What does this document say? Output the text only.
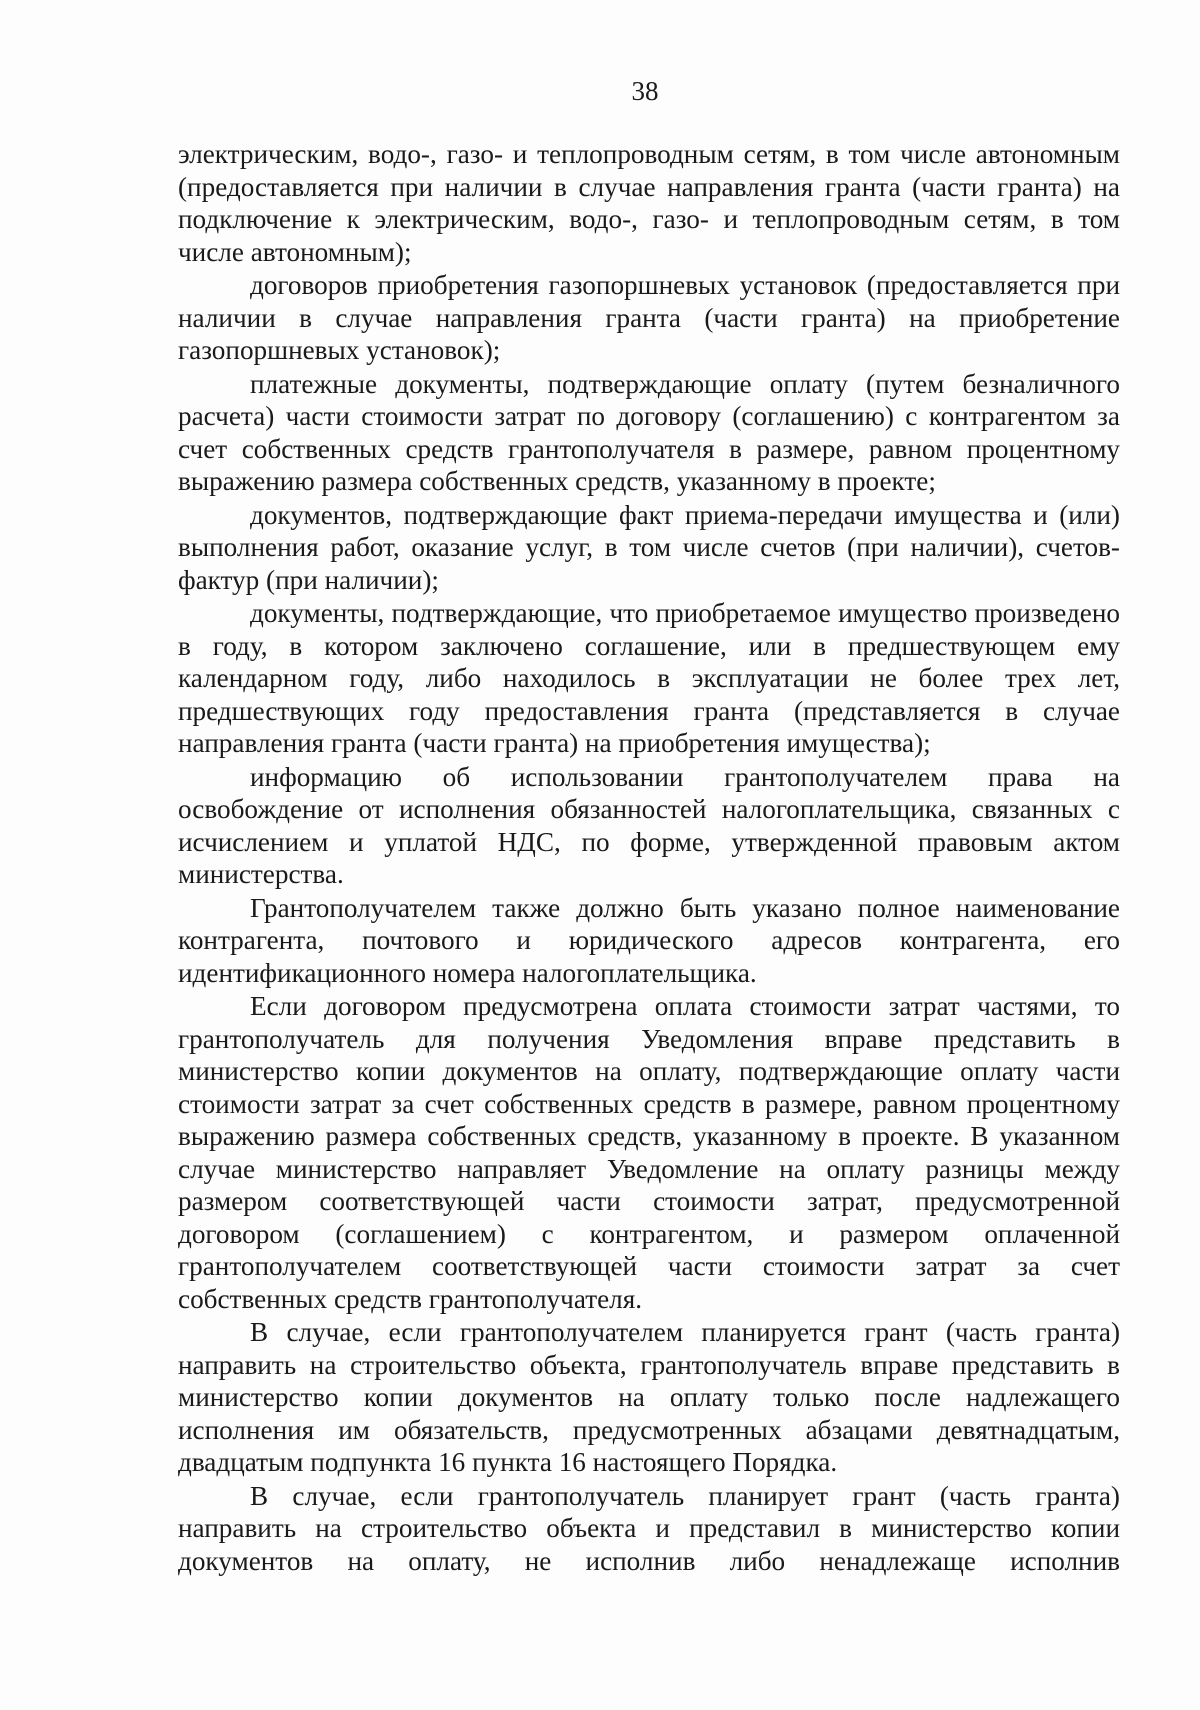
38

электрическим, водо-, газо- и теплопроводным сетям, в том числе автономным (предоставляется при наличии в случае направления гранта (части гранта) на подключение к электрическим, водо-, газо- и теплопроводным сетям, в том числе автономным);

договоров приобретения газопоршневых установок (предоставляется при наличии в случае направления гранта (части гранта) на приобретение газопоршневых установок);

платежные документы, подтверждающие оплату (путем безналичного расчета) части стоимости затрат по договору (соглашению) с контрагентом за счет собственных средств грантополучателя в размере, равном процентному выражению размера собственных средств, указанному в проекте;

документов, подтверждающие факт приема-передачи имущества и (или) выполнения работ, оказание услуг, в том числе счетов (при наличии), счетов-фактур (при наличии);

документы, подтверждающие, что приобретаемое имущество произведено в году, в котором заключено соглашение, или в предшествующем ему календарном году, либо находилось в эксплуатации не более трех лет, предшествующих году предоставления гранта (представляется в случае направления гранта (части гранта) на приобретения имущества);

информацию об использовании грантополучателем права на освобождение от исполнения обязанностей налогоплательщика, связанных с исчислением и уплатой НДС, по форме, утвержденной правовым актом министерства.

Грантополучателем также должно быть указано полное наименование контрагента, почтового и юридического адресов контрагента, его идентификационного номера налогоплательщика.

Если договором предусмотрена оплата стоимости затрат частями, то грантополучатель для получения Уведомления вправе представить в министерство копии документов на оплату, подтверждающие оплату части стоимости затрат за счет собственных средств в размере, равном процентному выражению размера собственных средств, указанному в проекте. В указанном случае министерство направляет Уведомление на оплату разницы между размером соответствующей части стоимости затрат, предусмотренной договором (соглашением) с контрагентом, и размером оплаченной грантополучателем соответствующей части стоимости затрат за счет собственных средств грантополучателя.

В случае, если грантополучателем планируется грант (часть гранта) направить на строительство объекта, грантополучатель вправе представить в министерство копии документов на оплату только после надлежащего исполнения им обязательств, предусмотренных абзацами девятнадцатым, двадцатым подпункта 16 пункта 16 настоящего Порядка.

В случае, если грантополучатель планирует грант (часть гранта) направить на строительство объекта и представил в министерство копии документов на оплату, не исполнив либо ненадлежаще исполнив
